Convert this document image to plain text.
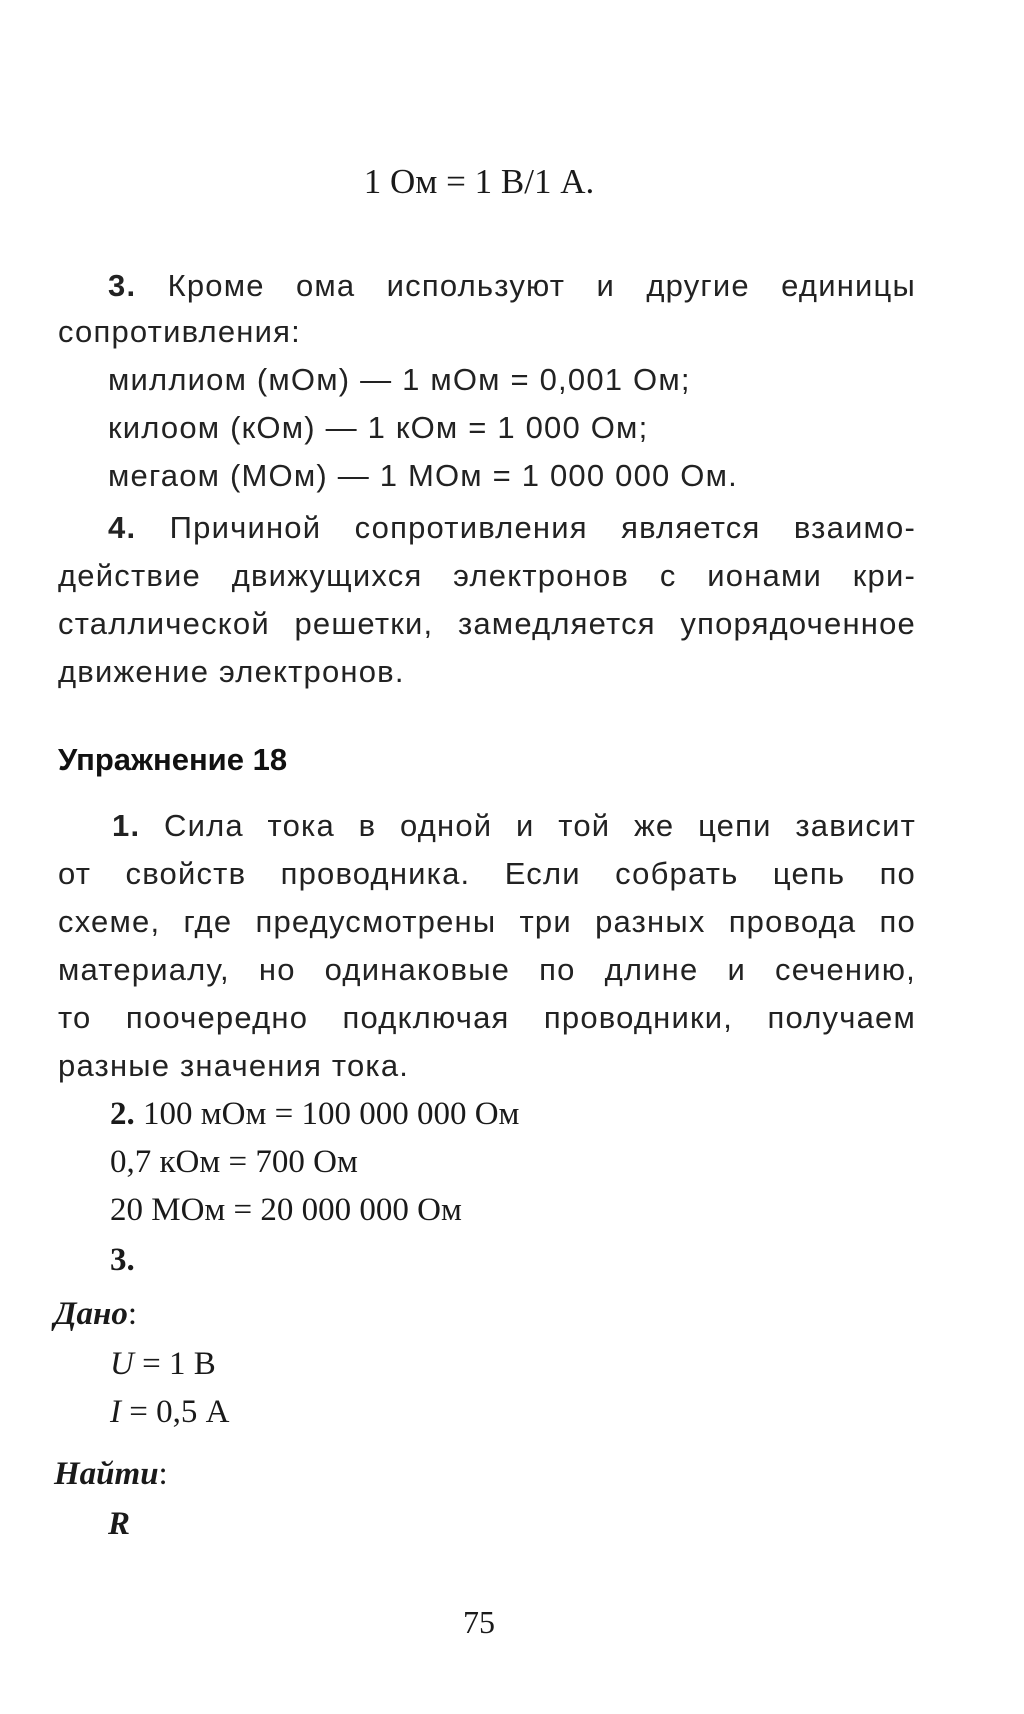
1 Ом = 1 В/1 А.

3. Кроме ома используют и другие единицы

сопротивления:

миллиом (мОм) — 1 мОм = 0,001 Ом;

килоом (кОм) — 1 кОм = 1 000 Ом;

мегаом (МОм) — 1 МОм = 1 000 000 Ом.

4. Причиной сопротивления является взаимо-

действие движущихся электронов с ионами кри-

сталлической решетки, замедляется упорядоченное

движение электронов.

Упражнение 18

1. Сила тока в одной и той же цепи зависит

от свойств проводника. Если собрать цепь по

схеме, где предусмотрены три разных провода по

материалу, но одинаковые по длине и сечению,

то поочередно подключая проводники, получаем

разные значения тока.

2. 100 мОм = 100 000 000 Ом

0,7 кОм = 700 Ом

20 МОм = 20 000 000 Ом

3.

Дано:

U = 1 В

I = 0,5 А

Найти:

R

75
